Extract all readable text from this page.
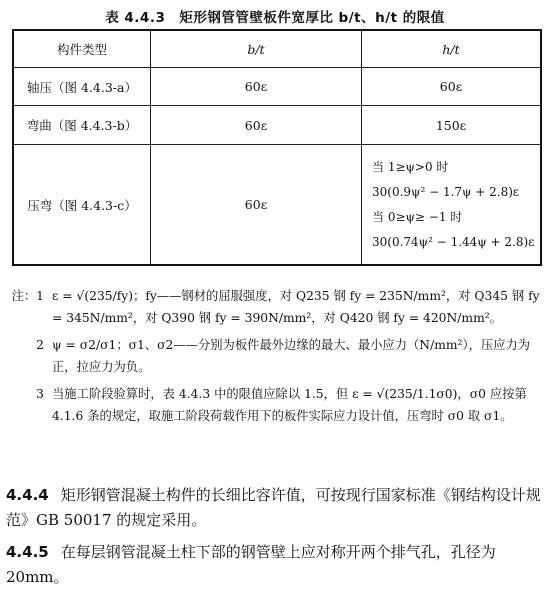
表 4.4.3　矩形钢管管壁板件宽厚比 b/t、h/t 的限值
构件类型	b/t	h/t
轴压（图 4.4.3-a）	60ε	60ε
弯曲（图 4.4.3-b）	60ε	150ε
压弯（图 4.4.3-c）	60ε	当 1≥ψ>0 时
30(0.9ψ² − 1.7ψ + 2.8)ε
当 0≥ψ≥ −1 时
30(0.74ψ² − 1.44ψ + 2.8)ε
注：1 ε = √(235/fy)；fy——钢材的屈服强度，对 Q235 钢 fy = 235N/mm²，对 Q345 钢 fy = 345N/mm²，对 Q390 钢 fy = 390N/mm²，对 Q420 钢 fy = 420N/mm²。
2 ψ = σ2/σ1；σ1、σ2——分别为板件最外边缘的最大、最小应力（N/mm²），压应力为正，拉应力为负。
3 当施工阶段验算时，表 4.4.3 中的限值应除以 1.5，但 ε = √(235/1.1σ0)，σ0 应按第 4.1.6 条的规定，取施工阶段荷载作用下的板件实际应力设计值，压弯时 σ0 取 σ1。
4.4.4 矩形钢管混凝土构件的长细比容许值，可按现行国家标准《钢结构设计规范》GB 50017 的规定采用。
4.4.5 在每层钢管混凝土柱下部的钢管壁上应对称开两个排气孔，孔径为 20mm。
